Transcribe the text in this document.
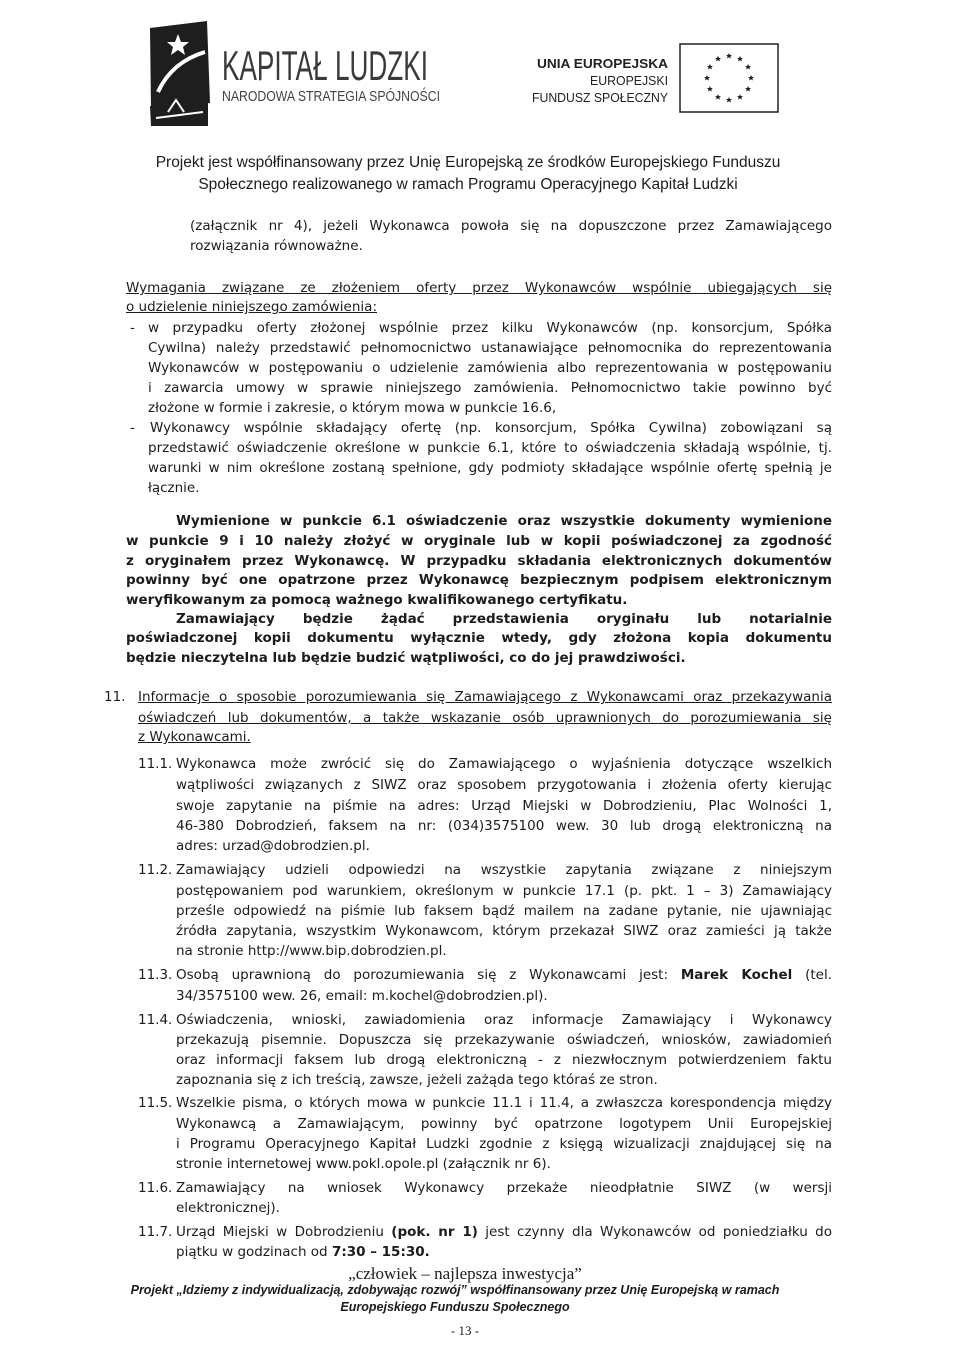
KAPITAŁ LUDZKI
NARODOWA STRATEGIA SPÓJNOŚCI
UNIA EUROPEJSKA
EUROPEJSKI
FUNDUSZ SPOŁECZNY
Projekt jest współfinansowany przez Unię Europejską ze środków Europejskiego Funduszu
Społecznego realizowanego w ramach Programu Operacyjnego Kapitał Ludzki
(załącznik nr 4), jeżeli Wykonawca powoła się na dopuszczone przez Zamawiającego
rozwiązania równoważne.
Wymagania związane ze złożeniem oferty przez Wykonawców wspólnie ubiegających się
o udzielenie niniejszego zamówienia:
- w przypadku oferty złożonej wspólnie przez kilku Wykonawców (np. konsorcjum, Spółka
Cywilna) należy przedstawić pełnomocnictwo ustanawiające pełnomocnika do reprezentowania
Wykonawców w postępowaniu o udzielenie zamówienia albo reprezentowania w postępowaniu
i zawarcia umowy w sprawie niniejszego zamówienia. Pełnomocnictwo takie powinno być
złożone w formie i zakresie, o którym mowa w punkcie 16.6,
- Wykonawcy wspólnie składający ofertę (np. konsorcjum, Spółka Cywilna) zobowiązani są
przedstawić oświadczenie określone w punkcie 6.1, które to oświadczenia składają wspólnie, tj.
warunki w nim określone zostaną spełnione, gdy podmioty składające wspólnie ofertę spełnią je
łącznie.
Wymienione w punkcie 6.1 oświadczenie oraz wszystkie dokumenty wymienione
w punkcie 9 i 10 należy złożyć w oryginale lub w kopii poświadczonej za zgodność
z oryginałem przez Wykonawcę. W przypadku składania elektronicznych dokumentów
powinny być one opatrzone przez Wykonawcę bezpiecznym podpisem elektronicznym
weryfikowanym za pomocą ważnego kwalifikowanego certyfikatu.
Zamawiający będzie żądać przedstawienia oryginału lub notarialnie
poświadczonej kopii dokumentu wyłącznie wtedy, gdy złożona kopia dokumentu
będzie nieczytelna lub będzie budzić wątpliwości, co do jej prawdziwości.
11. Informacje o sposobie porozumiewania się Zamawiającego z Wykonawcami oraz przekazywania
oświadczeń lub dokumentów, a także wskazanie osób uprawnionych do porozumiewania się
z Wykonawcami.
11.1. Wykonawca może zwrócić się do Zamawiającego o wyjaśnienia dotyczące wszelkich
wątpliwości związanych z SIWZ oraz sposobem przygotowania i złożenia oferty kierując
swoje zapytanie na piśmie na adres: Urząd Miejski w Dobrodzieniu, Plac Wolności 1,
46-380 Dobrodzień, faksem na nr: (034)3575100 wew. 30 lub drogą elektroniczną na
adres: urzad@dobrodzien.pl.
11.2. Zamawiający udzieli odpowiedzi na wszystkie zapytania związane z niniejszym
postępowaniem pod warunkiem, określonym w punkcie 17.1 (p. pkt. 1 – 3) Zamawiający
prześle odpowiedź na piśmie lub faksem bądź mailem na zadane pytanie, nie ujawniając
źródła zapytania, wszystkim Wykonawcom, którym przekazał SIWZ oraz zamieści ją także
na stronie http://www.bip.dobrodzien.pl.
11.3. Osobą uprawnioną do porozumiewania się z Wykonawcami jest: Marek Kochel (tel.
34/3575100 wew. 26, email: m.kochel@dobrodzien.pl).
11.4. Oświadczenia, wnioski, zawiadomienia oraz informacje Zamawiający i Wykonawcy
przekazują pisemnie. Dopuszcza się przekazywanie oświadczeń, wniosków, zawiadomień
oraz informacji faksem lub drogą elektroniczną - z niezwłocznym potwierdzeniem faktu
zapoznania się z ich treścią, zawsze, jeżeli zażąda tego któraś ze stron.
11.5. Wszelkie pisma, o których mowa w punkcie 11.1 i 11.4, a zwłaszcza korespondencja między
Wykonawcą a Zamawiającym, powinny być opatrzone logotypem Unii Europejskiej
i Programu Operacyjnego Kapitał Ludzki zgodnie z księgą wizualizacji znajdującej się na
stronie internetowej www.pokl.opole.pl (załącznik nr 6).
11.6. Zamawiający na wniosek Wykonawcy przekaże nieodpłatnie SIWZ (w wersji
elektronicznej).
11.7. Urząd Miejski w Dobrodzieniu (pok. nr 1) jest czynny dla Wykonawców od poniedziałku do
piątku w godzinach od 7:30 – 15:30.
„człowiek – najlepsza inwestycja”
Projekt „Idziemy z indywidualizacją, zdobywając rozwój” współfinansowany przez Unię Europejską w ramach
Europejskiego Funduszu Społecznego
- 13 -
